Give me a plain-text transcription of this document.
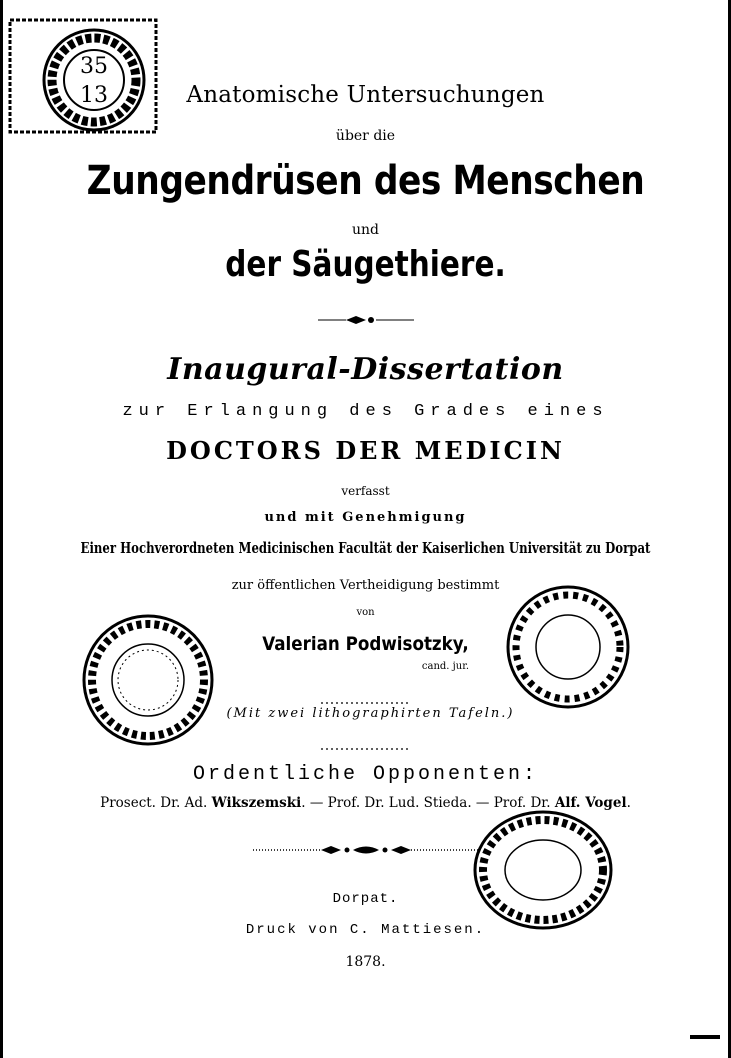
35
13	Anatomische Untersuchungen
über die
Zungendrüsen des Menschen
und
der Säugethiere.
Inaugural-Dissertation
zur Erlangung des Grades eines
DOCTORS DER MEDICIN
verfasst
und mit Genehmigung
Einer Hochverordneten Medicinischen Facultät der Kaiserlichen Universität zu Dorpat
zur öffentlichen Vertheidigung bestimmt
von
Valerian Podwisotzky,
cand. jur.
(Mit zwei lithographirten Tafeln.)
Ordentliche Opponenten:
Prosect. Dr. Ad. Wikszemski. — Prof. Dr. Lud. Stieda. — Prof. Dr. Alf. Vogel.
Dorpat.
Druck von C. Mattiesen.
1878.
